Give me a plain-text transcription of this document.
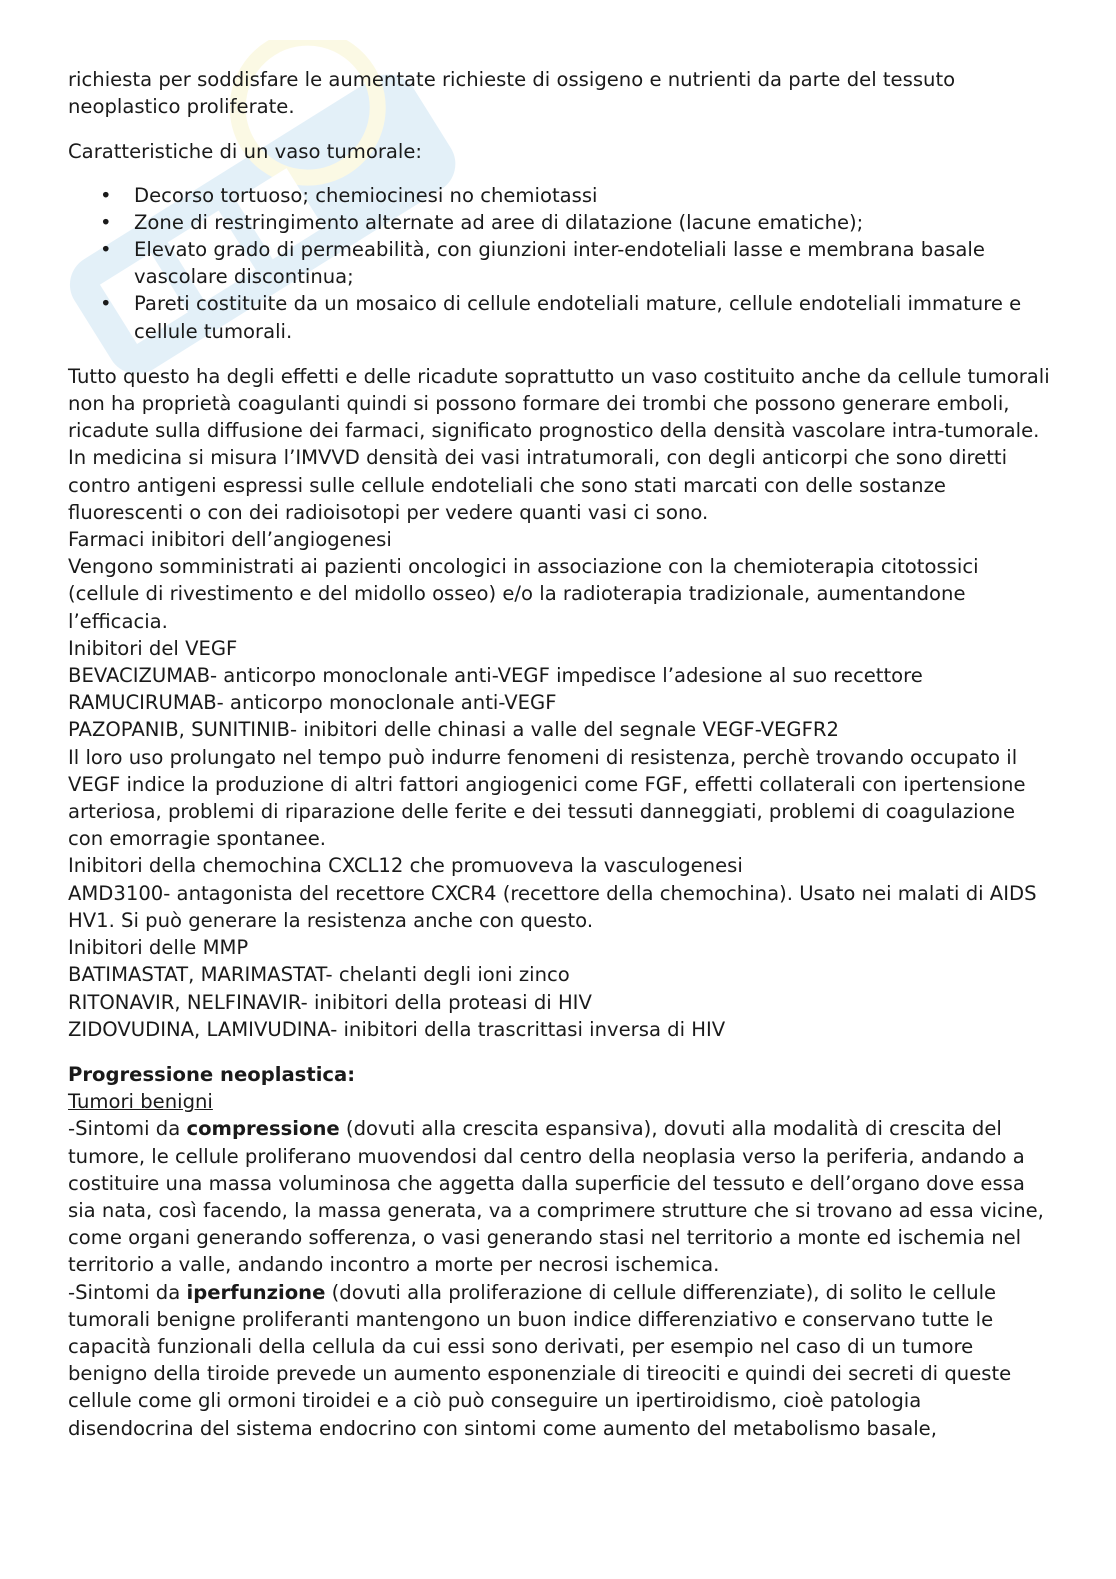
richiesta per soddisfare le aumentate richieste di ossigeno e nutrienti da parte del tessuto neoplastico proliferate.

Caratteristiche di un vaso tumorale:

• Decorso tortuoso; chemiocinesi no chemiotassi
• Zone di restringimento alternate ad aree di dilatazione (lacune ematiche);
• Elevato grado di permeabilità, con giunzioni inter-endoteliali lasse e membrana basale vascolare discontinua;
• Pareti costituite da un mosaico di cellule endoteliali mature, cellule endoteliali immature e cellule tumorali.

Tutto questo ha degli effetti e delle ricadute soprattutto un vaso costituito anche da cellule tumorali non ha proprietà coagulanti quindi si possono formare dei trombi che possono generare emboli, ricadute sulla diffusione dei farmaci, significato prognostico della densità vascolare intra-tumorale. In medicina si misura l’IMVVD densità dei vasi intratumorali, con degli anticorpi che sono diretti contro antigeni espressi sulle cellule endoteliali che sono stati marcati con delle sostanze fluorescenti o con dei radioisotopi per vedere quanti vasi ci sono.

Farmaci inibitori dell’angiogenesi

Vengono somministrati ai pazienti oncologici in associazione con la chemioterapia citotossici (cellule di rivestimento e del midollo osseo) e/o la radioterapia tradizionale, aumentandone l’efficacia.

Inibitori del VEGF

BEVACIZUMAB- anticorpo monoclonale anti-VEGF impedisce l’adesione al suo recettore

RAMUCIRUMAB- anticorpo monoclonale anti-VEGF

PAZOPANIB, SUNITINIB- inibitori delle chinasi a valle del segnale VEGF-VEGFR2

Il loro uso prolungato nel tempo può indurre fenomeni di resistenza, perchè trovando occupato il VEGF indice la produzione di altri fattori angiogenici come FGF, effetti collaterali con ipertensione arteriosa, problemi di riparazione delle ferite e dei tessuti danneggiati, problemi di coagulazione con emorragie spontanee.

Inibitori della chemochina CXCL12 che promuoveva la vasculogenesi

AMD3100- antagonista del recettore CXCR4 (recettore della chemochina). Usato nei malati di AIDS HV1. Si può generare la resistenza anche con questo.

Inibitori delle MMP

BATIMASTAT, MARIMASTAT- chelanti degli ioni zinco

RITONAVIR, NELFINAVIR- inibitori della proteasi di HIV

ZIDOVUDINA, LAMIVUDINA- inibitori della trascrittasi inversa di HIV

Progressione neoplastica:

Tumori benigni

-Sintomi da compressione (dovuti alla crescita espansiva), dovuti alla modalità di crescita del tumore, le cellule proliferano muovendosi dal centro della neoplasia verso la periferia, andando a costituire una massa voluminosa che aggetta dalla superficie del tessuto e dell’organo dove essa sia nata, così facendo, la massa generata, va a comprimere strutture che si trovano ad essa vicine, come organi generando sofferenza, o vasi generando stasi nel territorio a monte ed ischemia nel territorio a valle, andando incontro a morte per necrosi ischemica.

-Sintomi da iperfunzione (dovuti alla proliferazione di cellule differenziate), di solito le cellule tumorali benigne proliferanti mantengono un buon indice differenziativo e conservano tutte le capacità funzionali della cellula da cui essi sono derivati, per esempio nel caso di un tumore benigno della tiroide prevede un aumento esponenziale di tireociti e quindi dei secreti di queste cellule come gli ormoni tiroidei e a ciò può conseguire un ipertiroidismo, cioè patologia disendocrina del sistema endocrino con sintomi come aumento del metabolismo basale,
